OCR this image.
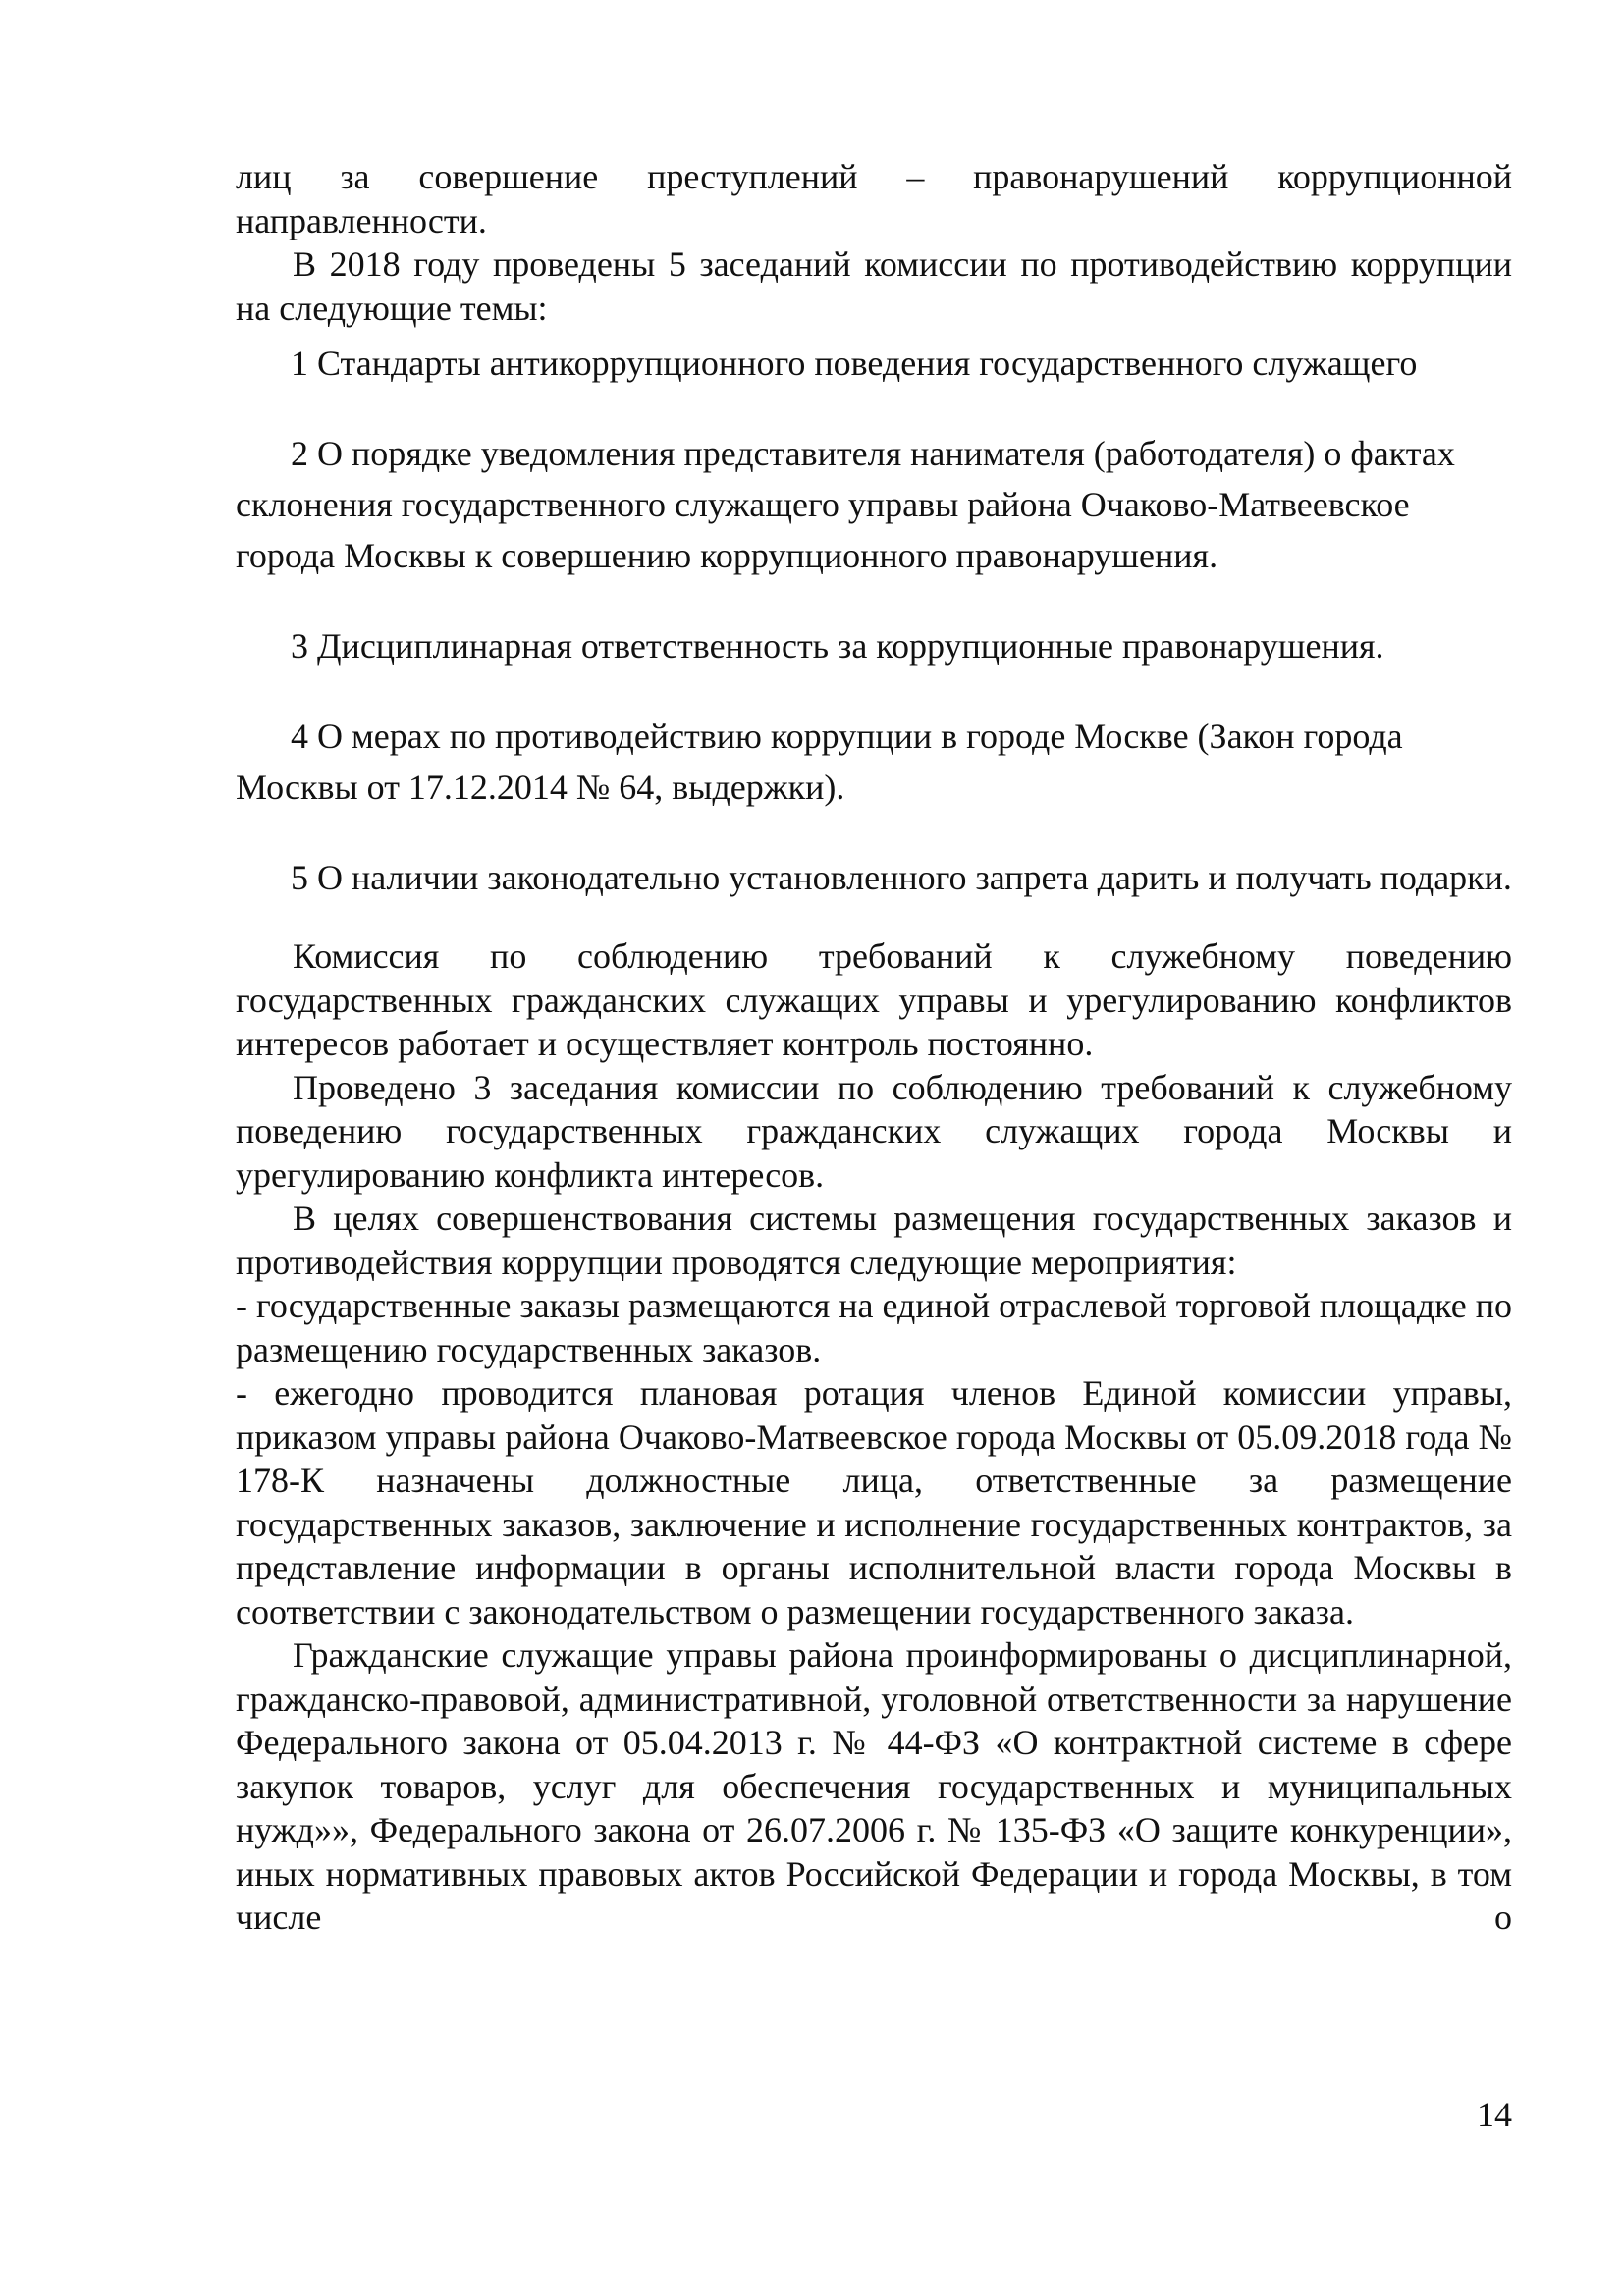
лиц за совершение преступлений – правонарушений коррупционной направленности.

В 2018 году проведены 5 заседаний комиссии по противодействию коррупции на следующие темы:

1 Стандарты антикоррупционного поведения государственного служащего

2 О порядке уведомления представителя нанимателя (работодателя) о фактах склонения государственного служащего управы района Очаково-Матвеевское города Москвы к совершению коррупционного правонарушения.

3 Дисциплинарная ответственность за коррупционные правонарушения.

4 О мерах по противодействию коррупции в городе Москве (Закон города Москвы от 17.12.2014 № 64, выдержки).

5 О наличии законодательно установленного запрета дарить и получать подарки.

Комиссия по соблюдению требований к служебному поведению государственных гражданских служащих управы и урегулированию конфликтов интересов работает и осуществляет контроль постоянно.

Проведено 3 заседания комиссии по соблюдению требований к служебному поведению государственных гражданских служащих города Москвы и урегулированию конфликта интересов.

В целях совершенствования системы размещения государственных заказов и противодействия коррупции проводятся следующие мероприятия:

- государственные заказы размещаются на единой отраслевой торговой площадке по размещению государственных заказов.

- ежегодно проводится плановая ротация членов Единой комиссии управы, приказом управы района Очаково-Матвеевское города Москвы от 05.09.2018 года № 178-К назначены должностные лица, ответственные за размещение государственных заказов, заключение и исполнение государственных контрактов, за представление информации в органы исполнительной власти города Москвы в соответствии с законодательством о размещении государственного заказа.

Гражданские служащие управы района проинформированы о дисциплинарной, гражданско-правовой, административной, уголовной ответственности за нарушение Федерального закона от 05.04.2013 г. № 44-ФЗ «О контрактной системе в сфере закупок товаров, услуг для обеспечения государственных и муниципальных нужд»», Федерального закона от 26.07.2006 г. № 135-ФЗ «О защите конкуренции», иных нормативных правовых актов Российской Федерации и города Москвы, в том числе о

14
